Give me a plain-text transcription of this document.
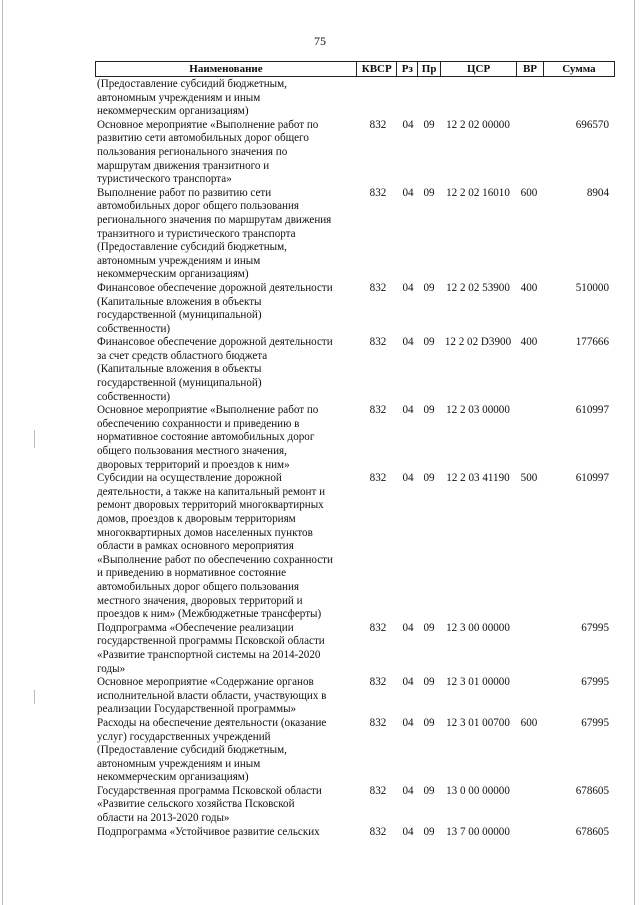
75
Наименование	КВСР Рз Пр	ЦСР	ВР	Сумма
(Предоставление субсидий бюджетным,
автономным учреждениям и иным
некоммерческим организациям)
Основное мероприятие «Выполнение работ по
развитию сети автомобильных дорог общего
пользования регионального значения по
маршрутам движения транзитного и
туристического транспорта»
832	04 09	12 2 02 00000	696570
Выполнение работ по развитию сети
автомобильных дорог общего пользования
регионального значения по маршрутам движения
транзитного и туристического транспорта
(Предоставление субсидий бюджетным,
автономным учреждениям и иным
некоммерческим организациям)
832	04 09	12 2 02 16010 600	8904
Финансовое обеспечение дорожной деятельности
(Капитальные вложения в объекты
государственной (муниципальной)
собственности)
832	04 09	12 2 02 53900 400	510000
Финансовое обеспечение дорожной деятельности
за счет средств областного бюджета
(Капитальные вложения в объекты
государственной (муниципальной)
собственности)
832	04 09 12 2 02 D3900 400	177666
Основное мероприятие «Выполнение работ по
обеспечению сохранности и приведению в
нормативное состояние автомобильных дорог
общего пользования местного значения,
дворовых территорий и проездов к ним»
832	04 09	12 2 03 00000	610997
Субсидии на осуществление дорожной
деятельности, а также на капитальный ремонт и
ремонт дворовых территорий многоквартирных
домов, проездов к дворовым территориям
многоквартирных домов населенных пунктов
области в рамках основного мероприятия
«Выполнение работ по обеспечению сохранности
и приведению в нормативное состояние
автомобильных дорог общего пользования
местного значения, дворовых территорий и
проездов к ним» (Межбюджетные трансферты)
832	04 09	12 2 03 41190 500	610997
Подпрограмма «Обеспечение реализации
государственной программы Псковской области
«Развитие транспортной системы на 2014-2020
годы»
832	04 09	12 3 00 00000	67995
Основное мероприятие «Содержание органов
исполнительной власти области, участвующих в
реализации Государственной программы»
832	04 09	12 3 01 00000	67995
Расходы на обеспечение деятельности (оказание
услуг) государственных учреждений
(Предоставление субсидий бюджетным,
автономным учреждениям и иным
некоммерческим организациям)
832	04 09	12 3 01 00700 600	67995
Государственная программа Псковской области
«Развитие сельского хозяйства Псковской
области на 2013-2020 годы»
832	04 09	13 0 00 00000	678605
Подпрограмма «Устойчивое развитие сельских	832	04 09	13 7 00 00000	678605
